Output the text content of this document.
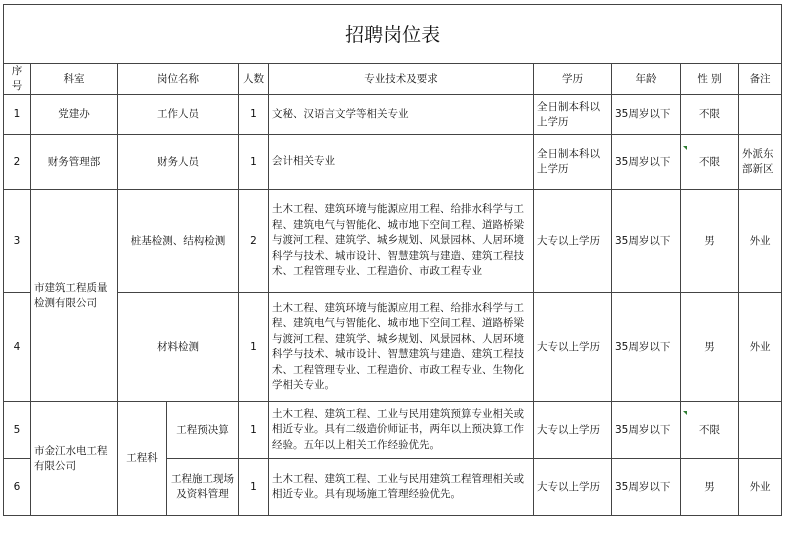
招聘岗位表									
序号	科室	岗位名称		人数	专业技术及要求	学历	年龄	性 别	备注
1	党建办	工作人员		1	文秘、汉语言文学等相关专业	全日制本科以上学历	35周岁以下	不限	
2	财务管理部	财务人员		1	会计相关专业	全日制本科以上学历	35周岁以下	不限	外派东部新区
3	市建筑工程质量检测有限公司	桩基检测、结构检测		2	土木工程、建筑环境与能源应用工程、给排水科学与工程、建筑电气与智能化、城市地下空间工程、道路桥梁与渡河工程、建筑学、城乡规划、风景园林、人居环境科学与技术、城市设计、智慧建筑与建造、建筑工程技术、工程管理专业、工程造价、市政工程专业	大专以上学历	35周岁以下	男	外业
4		材料检测		1	土木工程、建筑环境与能源应用工程、给排水科学与工程、建筑电气与智能化、城市地下空间工程、道路桥梁与渡河工程、建筑学、城乡规划、风景园林、人居环境科学与技术、城市设计、智慧建筑与建造、建筑工程技术、工程管理专业、工程造价、市政工程专业、生物化学相关专业。	大专以上学历	35周岁以下	男	外业
5	市金江水电工程有限公司	工程科	工程预决算	1	土木工程、建筑工程、工业与民用建筑预算专业相关或相近专业。具有二级造价师证书，两年以上预决算工作经验。五年以上相关工作经验优先。	大专以上学历	35周岁以下	不限	
6			工程施工现场及资料管理	1	土木工程、建筑工程、工业与民用建筑工程管理相关或相近专业。具有现场施工管理经验优先。	大专以上学历	35周岁以下	男	外业
